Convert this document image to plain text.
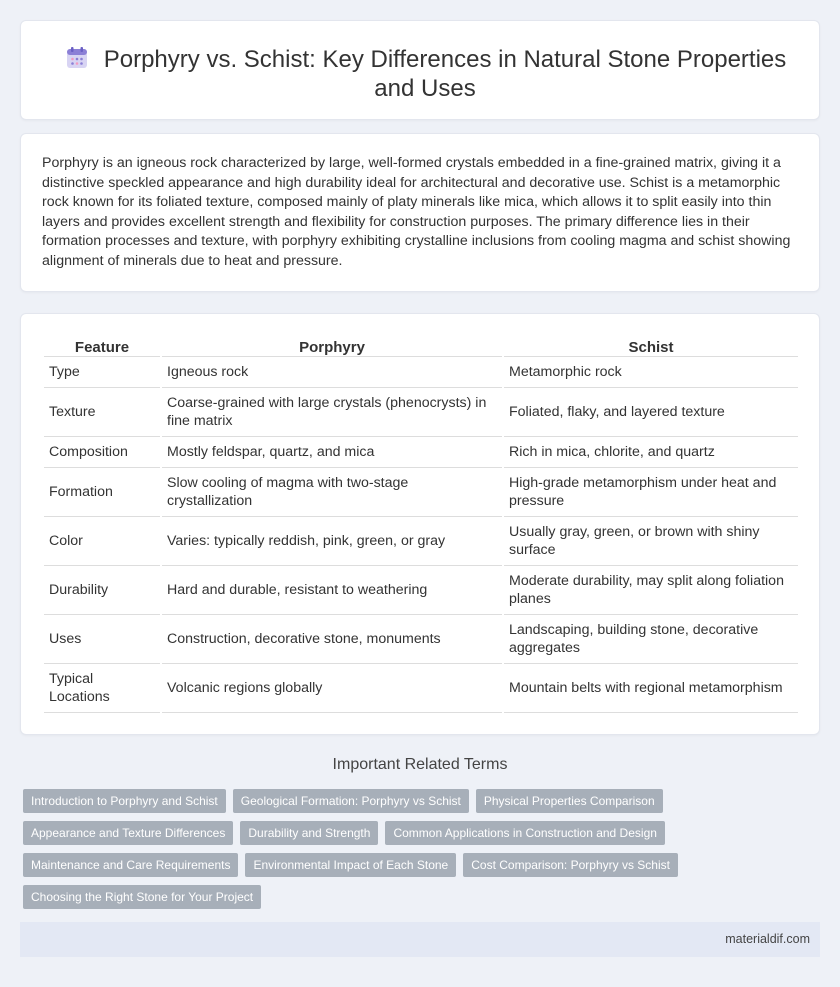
Porphyry vs. Schist: Key Differences in Natural Stone Properties and Uses

Porphyry is an igneous rock characterized by large, well-formed crystals embedded in a fine-grained matrix, giving it a distinctive speckled appearance and high durability ideal for architectural and decorative use. Schist is a metamorphic rock known for its foliated texture, composed mainly of platy minerals like mica, which allows it to split easily into thin layers and provides excellent strength and flexibility for construction purposes. The primary difference lies in their formation processes and texture, with porphyry exhibiting crystalline inclusions from cooling magma and schist showing alignment of minerals due to heat and pressure.

Feature	Porphyry	Schist
Type	Igneous rock	Metamorphic rock
Texture	Coarse-grained with large crystals (phenocrysts) in fine matrix	Foliated, flaky, and layered texture
Composition	Mostly feldspar, quartz, and mica	Rich in mica, chlorite, and quartz
Formation	Slow cooling of magma with two-stage crystallization	High-grade metamorphism under heat and pressure
Color	Varies: typically reddish, pink, green, or gray	Usually gray, green, or brown with shiny surface
Durability	Hard and durable, resistant to weathering	Moderate durability, may split along foliation planes
Uses	Construction, decorative stone, monuments	Landscaping, building stone, decorative aggregates
Typical Locations	Volcanic regions globally	Mountain belts with regional metamorphism
Important Related Terms
Introduction to Porphyry and Schist Geological Formation: Porphyry vs Schist Physical Properties Comparison
Appearance and Texture Differences Durability and Strength Common Applications in Construction and Design
Maintenance and Care Requirements Environmental Impact of Each Stone Cost Comparison: Porphyry vs Schist
Choosing the Right Stone for Your Project
materialdif.com
